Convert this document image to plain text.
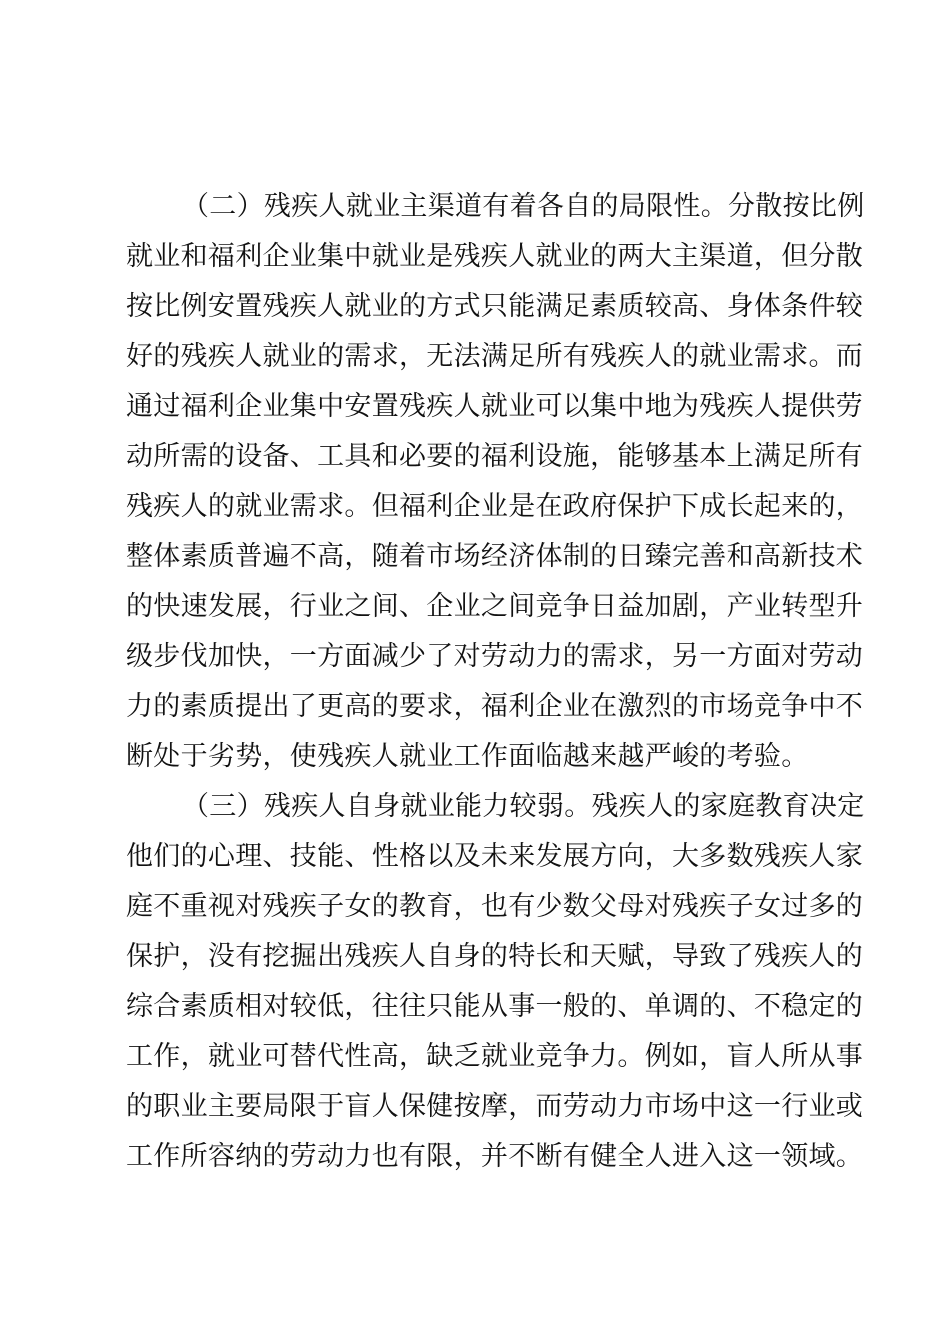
（二）残疾人就业主渠道有着各自的局限性。分散按比例
就业和福利企业集中就业是残疾人就业的两大主渠道，但分散
按比例安置残疾人就业的方式只能满足素质较高、身体条件较
好的残疾人就业的需求，无法满足所有残疾人的就业需求。而
通过福利企业集中安置残疾人就业可以集中地为残疾人提供劳
动所需的设备、工具和必要的福利设施，能够基本上满足所有
残疾人的就业需求。但福利企业是在政府保护下成长起来的，
整体素质普遍不高，随着市场经济体制的日臻完善和高新技术
的快速发展，行业之间、企业之间竞争日益加剧，产业转型升
级步伐加快，一方面减少了对劳动力的需求，另一方面对劳动
力的素质提出了更高的要求，福利企业在激烈的市场竞争中不
断处于劣势，使残疾人就业工作面临越来越严峻的考验。
（三）残疾人自身就业能力较弱。残疾人的家庭教育决定
他们的心理、技能、性格以及未来发展方向，大多数残疾人家
庭不重视对残疾子女的教育，也有少数父母对残疾子女过多的
保护，没有挖掘出残疾人自身的特长和天赋，导致了残疾人的
综合素质相对较低，往往只能从事一般的、单调的、不稳定的
工作，就业可替代性高，缺乏就业竞争力。例如，盲人所从事
的职业主要局限于盲人保健按摩，而劳动力市场中这一行业或
工作所容纳的劳动力也有限，并不断有健全人进入这一领域。
